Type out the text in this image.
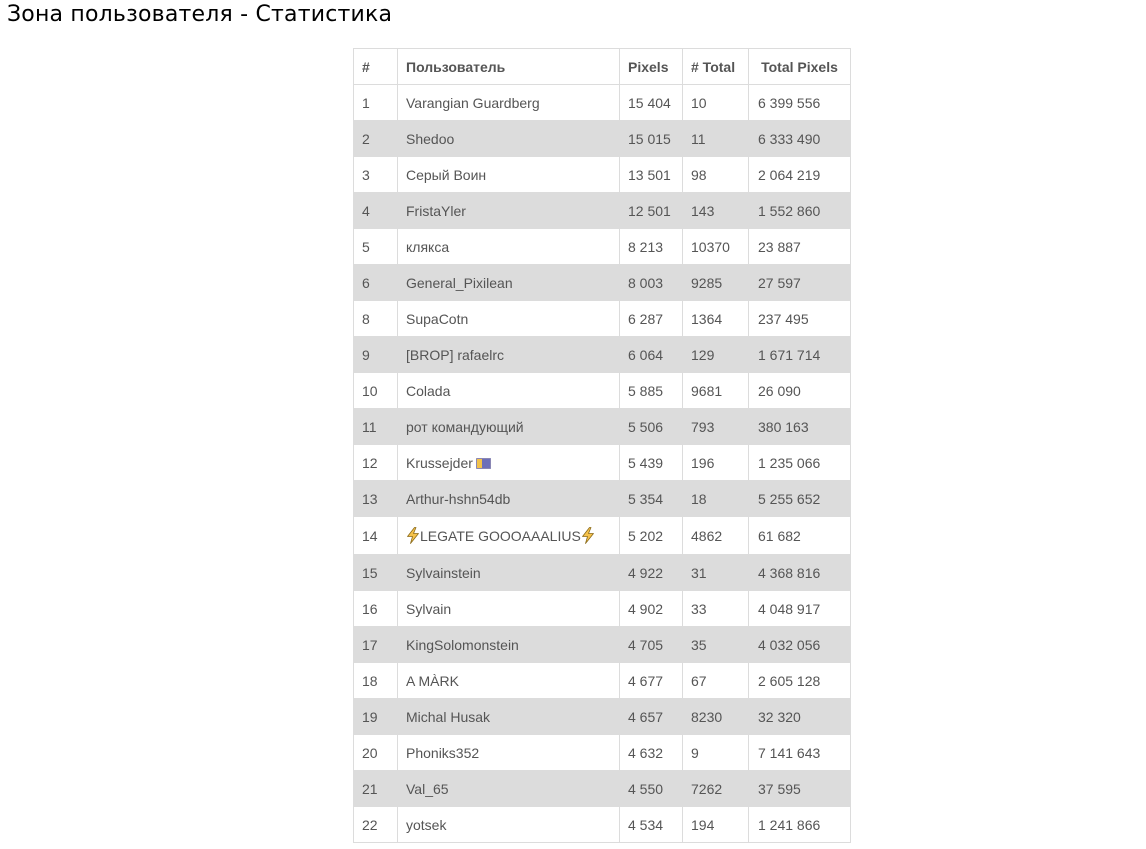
Зона пользователя - Статистика
#	Пользователь	Pixels	# Total	Total Pixels
1	Varangian Guardberg	15 404	10	6 399 556
2	Shedoo	15 015	11	6 333 490
3	Серый Воин	13 501	98	2 064 219
4	FristaYler	12 501	143	1 552 860
5	клякса	8 213	10370	23 887
6	General_Pixilean	8 003	9285	27 597
8	SupaCotn	6 287	1364	237 495
9	[BROP] rafaelrc	6 064	129	1 671 714
10	Colada	5 885	9681	26 090
11	рот командующий	5 506	793	380 163
12	Krussejder	5 439	196	1 235 066
13	Arthur-hshn54db	5 354	18	5 255 652
14	LEGATE GOOOAAALIUS	5 202	4862	61 682
15	Sylvainstein	4 922	31	4 368 816
16	Sylvain	4 902	33	4 048 917
17	KingSolomonstein	4 705	35	4 032 056
18	A MÀRK	4 677	67	2 605 128
19	Michal Husak	4 657	8230	32 320
20	Phoniks352	4 632	9	7 141 643
21	Val_65	4 550	7262	37 595
22	yotsek	4 534	194	1 241 866
